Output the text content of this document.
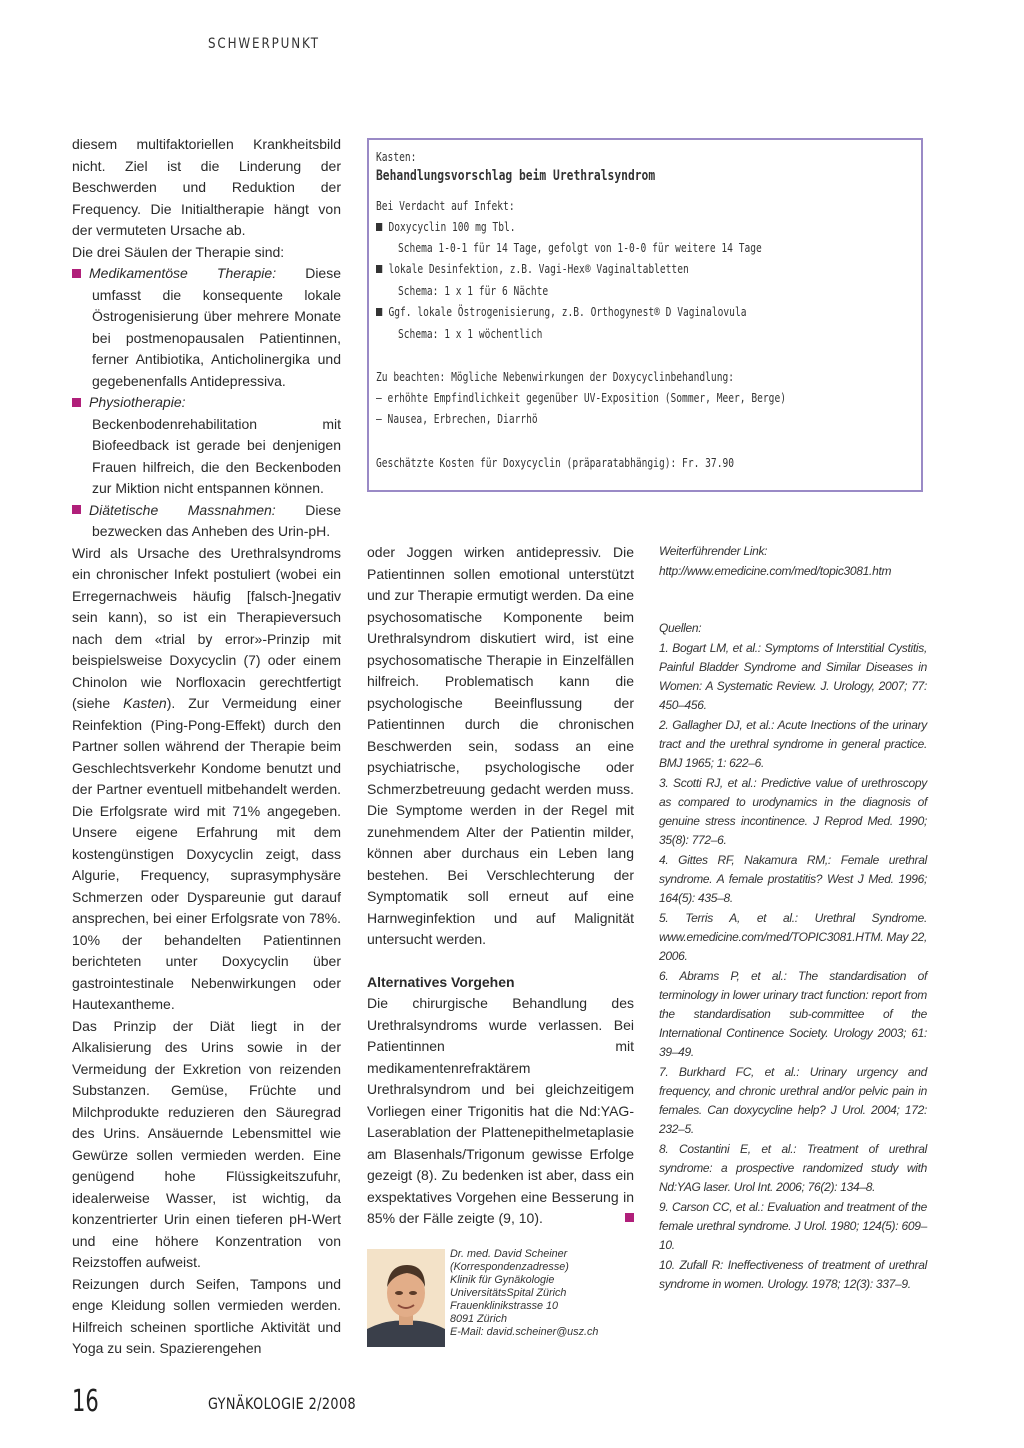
SCHWERPUNKT

diesem multifaktoriellen Krankheitsbild nicht. Ziel ist die Linderung der Beschwerden und Reduktion der Frequency. Die Initialtherapie hängt von der vermuteten Ursache ab.

Die drei Säulen der Therapie sind:

Medikamentöse Therapie: Diese umfasst die konsequente lokale Östrogenisierung über mehrere Monate bei postmenopausalen Patientinnen, ferner Antibiotika, Anticholinergika und gegebenenfalls Antidepressiva.

Physiotherapie: Beckenbodenrehabilitation mit Biofeedback ist gerade bei denjenigen Frauen hilfreich, die den Beckenboden zur Miktion nicht entspannen können.

Diätetische Massnahmen: Diese bezwecken das Anheben des Urin-pH.

Wird als Ursache des Urethralsyndroms ein chronischer Infekt postuliert (wobei ein Erregernachweis häufig [falsch-]negativ sein kann), so ist ein Therapieversuch nach dem «trial by error»-Prinzip mit beispielsweise Doxycyclin (7) oder einem Chinolon wie Norfloxacin gerechtfertigt (siehe Kasten). Zur Vermeidung einer Reinfektion (Ping-Pong-Effekt) durch den Partner sollen während der Therapie beim Geschlechtsverkehr Kondome benutzt und der Partner eventuell mitbehandelt werden. Die Erfolgsrate wird mit 71% angegeben. Unsere eigene Erfahrung mit dem kostengünstigen Doxycyclin zeigt, dass Algurie, Frequency, suprasymphysäre Schmerzen oder Dyspareunie gut darauf ansprechen, bei einer Erfolgsrate von 78%. 10% der behandelten Patientinnen berichteten unter Doxycyclin über gastrointestinale Nebenwirkungen oder Hautexantheme.

Das Prinzip der Diät liegt in der Alkalisierung des Urins sowie in der Vermeidung der Exkretion von reizenden Substanzen. Gemüse, Früchte und Milchprodukte reduzieren den Säuregrad des Urins. Ansäuernde Lebensmittel wie Gewürze sollen vermieden werden. Eine genügend hohe Flüssigkeitszufuhr, idealerweise Wasser, ist wichtig, da konzentrierter Urin einen tieferen pH-Wert und eine höhere Konzentration von Reizstoffen aufweist.

Reizungen durch Seifen, Tampons und enge Kleidung sollen vermieden werden. Hilfreich scheinen sportliche Aktivität und Yoga zu sein. Spazierengehen

Kasten:
Behandlungsvorschlag beim Urethralsyndrom
Bei Verdacht auf Infekt:
Doxycyclin 100 mg Tbl.
Schema 1-0-1 für 14 Tage, gefolgt von 1-0-0 für weitere 14 Tage
lokale Desinfektion, z.B. Vagi-Hex® Vaginaltabletten
Schema: 1 x 1 für 6 Nächte
Ggf. lokale Östrogenisierung, z.B. Orthogynest® D Vaginalovula
Schema: 1 x 1 wöchentlich
Zu beachten: Mögliche Nebenwirkungen der Doxycyclinbehandlung:
– erhöhte Empfindlichkeit gegenüber UV-Exposition (Sommer, Meer, Berge)
– Nausea, Erbrechen, Diarrhö
Geschätzte Kosten für Doxycyclin (präparatabhängig): Fr. 37.90

oder Joggen wirken antidepressiv. Die Patientinnen sollen emotional unterstützt und zur Therapie ermutigt werden. Da eine psychosomatische Komponente beim Urethralsyndrom diskutiert wird, ist eine psychosomatische Therapie in Einzelfällen hilfreich. Problematisch kann die psychologische Beeinflussung der Patientinnen durch die chronischen Beschwerden sein, sodass an eine psychiatrische, psychologische oder Schmerzbetreuung gedacht werden muss. Die Symptome werden in der Regel mit zunehmendem Alter der Patientin milder, können aber durchaus ein Leben lang bestehen. Bei Verschlechterung der Symptomatik soll erneut auf eine Harnweginfektion und auf Malignität untersucht werden.

Alternatives Vorgehen

Die chirurgische Behandlung des Urethralsyndroms wurde verlassen. Bei Patientinnen mit medikamentenrefraktärem Urethralsyndrom und bei gleichzeitigem Vorliegen einer Trigonitis hat die Nd:YAG-Laserablation der Plattenepithelmetaplasie am Blasenhals/Trigonum gewisse Erfolge gezeigt (8). Zu bedenken ist aber, dass ein exspektatives Vorgehen eine Besserung in 85% der Fälle zeigte (9, 10).

Dr. med. David Scheiner

(Korrespondenzadresse)

Klinik für Gynäkologie

UniversitätsSpital Zürich

Frauenklinikstrasse 10

8091 Zürich

E-Mail: david.scheiner@usz.ch

Weiterführender Link:

http://www.emedicine.com/med/topic3081.htm

Quellen:

1. Bogart LM, et al.: Symptoms of Interstitial Cystitis, Painful Bladder Syndrome and Similar Diseases in Women: A Systematic Review. J. Urology, 2007; 77: 450–456.

2. Gallagher DJ, et al.: Acute Inections of the urinary tract and the urethral syndrome in general practice. BMJ 1965; 1: 622–6.

3. Scotti RJ, et al.: Predictive value of urethroscopy as compared to urodynamics in the diagnosis of genuine stress incontinence. J Reprod Med. 1990; 35(8): 772–6.

4. Gittes RF, Nakamura RM,: Female urethral syndrome. A female prostatitis? West J Med. 1996; 164(5): 435–8.

5. Terris A, et al.: Urethral Syndrome. www.emedicine.com/med/TOPIC3081.HTM. May 22, 2006.

6. Abrams P, et al.: The standardisation of terminology in lower urinary tract function: report from the standardisation sub-committee of the International Continence Society. Urology 2003; 61: 39–49.

7. Burkhard FC, et al.: Urinary urgency and frequency, and chronic urethral and/or pelvic pain in females. Can doxycycline help? J Urol. 2004; 172: 232–5.

8. Costantini E, et al.: Treatment of urethral syndrome: a prospective randomized study with Nd:YAG laser. Urol Int. 2006; 76(2): 134–8.

9. Carson CC, et al.: Evaluation and treatment of the female urethral syndrome. J Urol. 1980; 124(5): 609–10.

10. Zufall R: Ineffectiveness of treatment of urethral syndrome in women. Urology. 1978; 12(3): 337–9.

16	GYNÄKOLOGIE 2/2008
